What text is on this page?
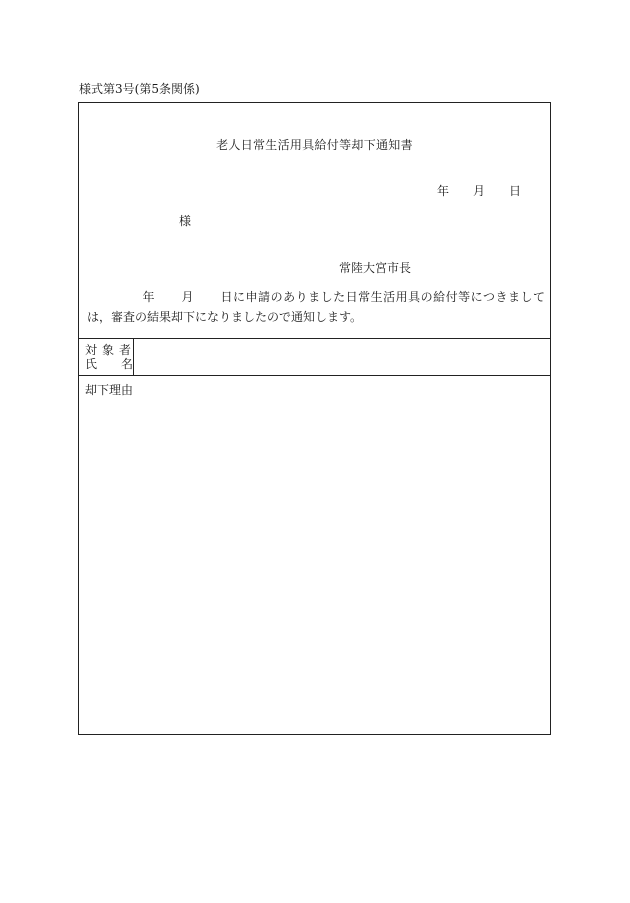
様式第3号(第5条関係)
老人日常生活用具給付等却下通知書
年 月 日
様
常陸大宮市長
年 月 日に申請のありました日常生活用具の給付等につきましては，審査の結果却下になりましたので通知します。
対象者
氏 名
却下理由
